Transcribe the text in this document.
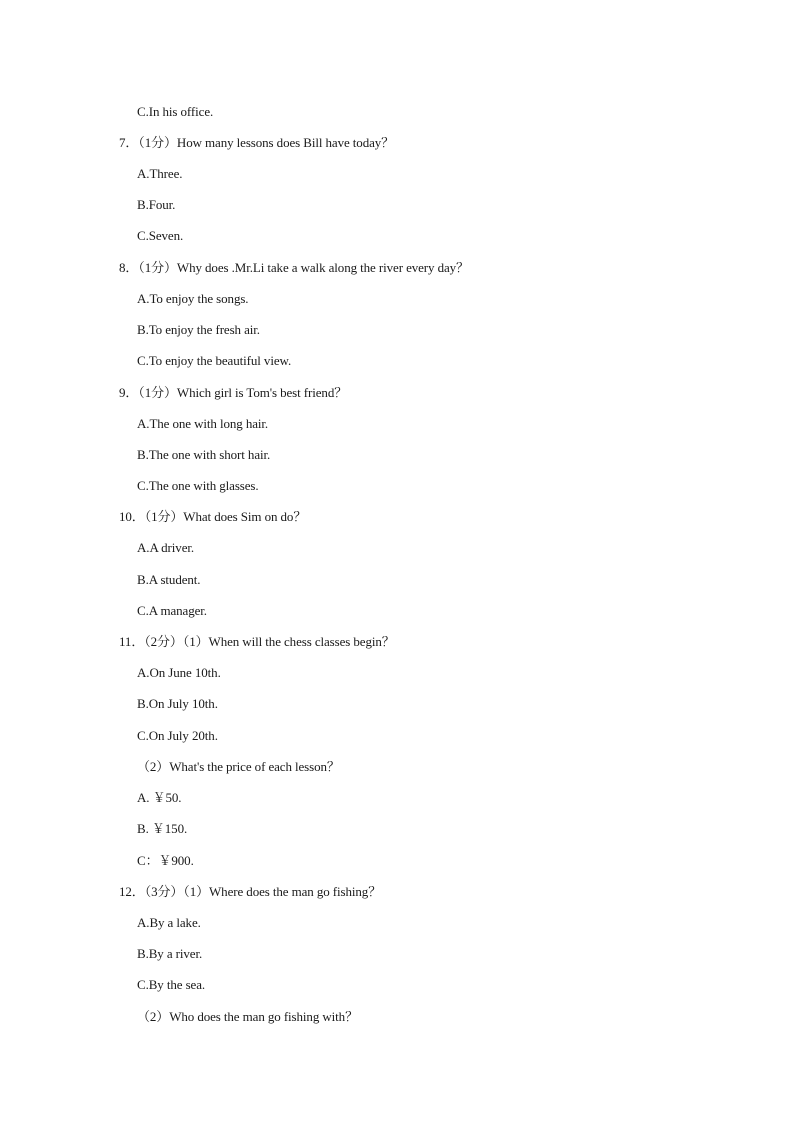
C.In his office.
7．（1分）How many lessons does Bill have today？
A.Three.
B.Four.
C.Seven.
8．（1分）Why does .Mr.Li take a walk along the river every day？
A.To enjoy the songs.
B.To enjoy the fresh air.
C.To enjoy the beautiful view.
9．（1分）Which girl is Tom's best friend？
A.The one with long hair.
B.The one with short hair.
C.The one with glasses.
10．（1分）What does Sim on do？
A.A driver.
B.A student.
C.A manager.
11．（2分）（1）When will the chess classes begin？
A.On June 10th.
B.On July 10th.
C.On July 20th.
（2）What's the price of each lesson？
A. ￥50.
B. ￥150.
C：￥900.
12．（3分）（1）Where does the man go fishing？
A.By a lake.
B.By a river.
C.By the sea.
（2）Who does the man go fishing with？
